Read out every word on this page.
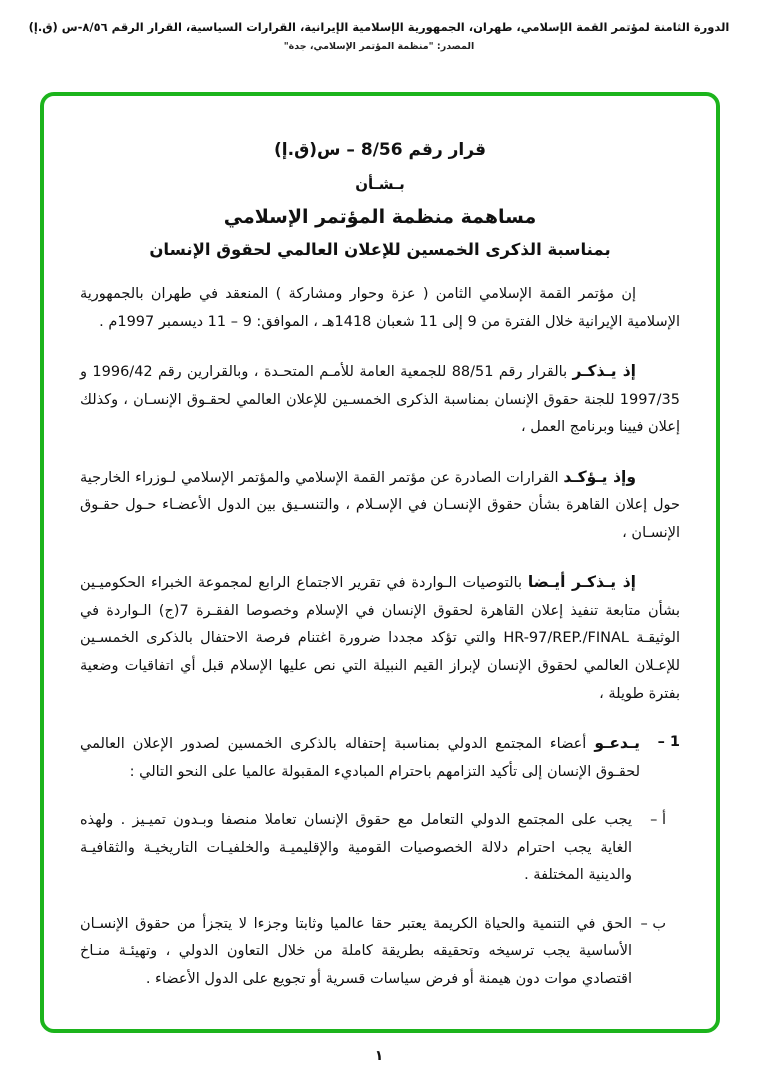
الدورة الثامنة لمؤتمر القمة الإسلامي، طهران، الجمهورية الإسلامية الإيرانية، القرارات السياسية، القرار الرقم ٨/٥٦-س (ق.إ)
المصدر: "منظمة المؤتمر الإسلامي، جدة"
قرار رقم 8/56 – س(ق.إ)
بـشـأن
مساهمة منظمة المؤتمر الإسلامي
بمناسبة الذكرى الخمسين للإعلان العالمي لحقوق الإنسان

إن مؤتمر القمة الإسلامي الثامن ( عزة وحوار ومشاركة ) المنعقد في طهران بالجمهورية الإسلامية الإيرانية خلال الفترة من 9 إلى 11 شعبان 1418هـ ، الموافق: 9 – 11 ديسمبر 1997م .

إذ يـذكـر بالقرار رقم 88/51 للجمعية العامة للأمـم المتحـدة ، وبالقرارين رقم 1996/42 و 1997/35 للجنة حقوق الإنسان بمناسبة الذكرى الخمسـين للإعلان العالمي لحقـوق الإنسـان ، وكذلك إعلان فيينا وبرنامج العمل ،

وإذ يـؤكـد القرارات الصادرة عن مؤتمر القمة الإسلامي والمؤتمر الإسلامي لـوزراء الخارجية حول إعلان القاهرة بشأن حقوق الإنسـان في الإسـلام ، والتنسـيق بين الدول الأعضـاء حـول حقـوق الإنسـان ،

إذ يـذكـر أيـضا بالتوصيات الـواردة في تقرير الاجتماع الرابع لمجموعة الخبراء الحكوميـين بشأن متابعة تنفيذ إعلان القاهرة لحقوق الإنسان في الإسلام وخصوصا الفقـرة 7(ج) الـواردة في الوثيقـة HR-97/REP./FINAL والتي تؤكد مجددا ضرورة اغتنام فرصة الاحتفال بالذكرى الخمسـين للإعـلان العالمي لحقوق الإنسان لإبراز القيم النبيلة التي نص عليها الإسلام قبل أي اتفاقيات وضعية بفترة طويلة ،

1 –
يـدعـو أعضاء المجتمع الدولي بمناسبة إحتفاله بالذكرى الخمسين لصدور الإعلان العالمي لحقـوق الإنسان إلى تأكيد التزامهم باحترام المباديء المقبولة عالميا على النحو التالي :
أ –
يجب على المجتمع الدولي التعامل مع حقوق الإنسان تعاملا منصفا وبـدون تميـيز . ولهذه الغاية يجب احترام دلالة الخصوصيات القومية والإقليميـة والخلفيـات التاريخيـة والثقافيـة والدينية المختلفة .
ب –
الحق في التنمية والحياة الكريمة يعتبر حقا عالميا وثابتا وجزءا لا يتجزأ من حقوق الإنسـان الأساسية يجب ترسيخه وتحقيقه بطريقة كاملة من خلال التعاون الدولي ، وتهيئـة منـاخ اقتصادي موات دون هيمنة أو فرض سياسات قسرية أو تجويع على الدول الأعضاء .
١
